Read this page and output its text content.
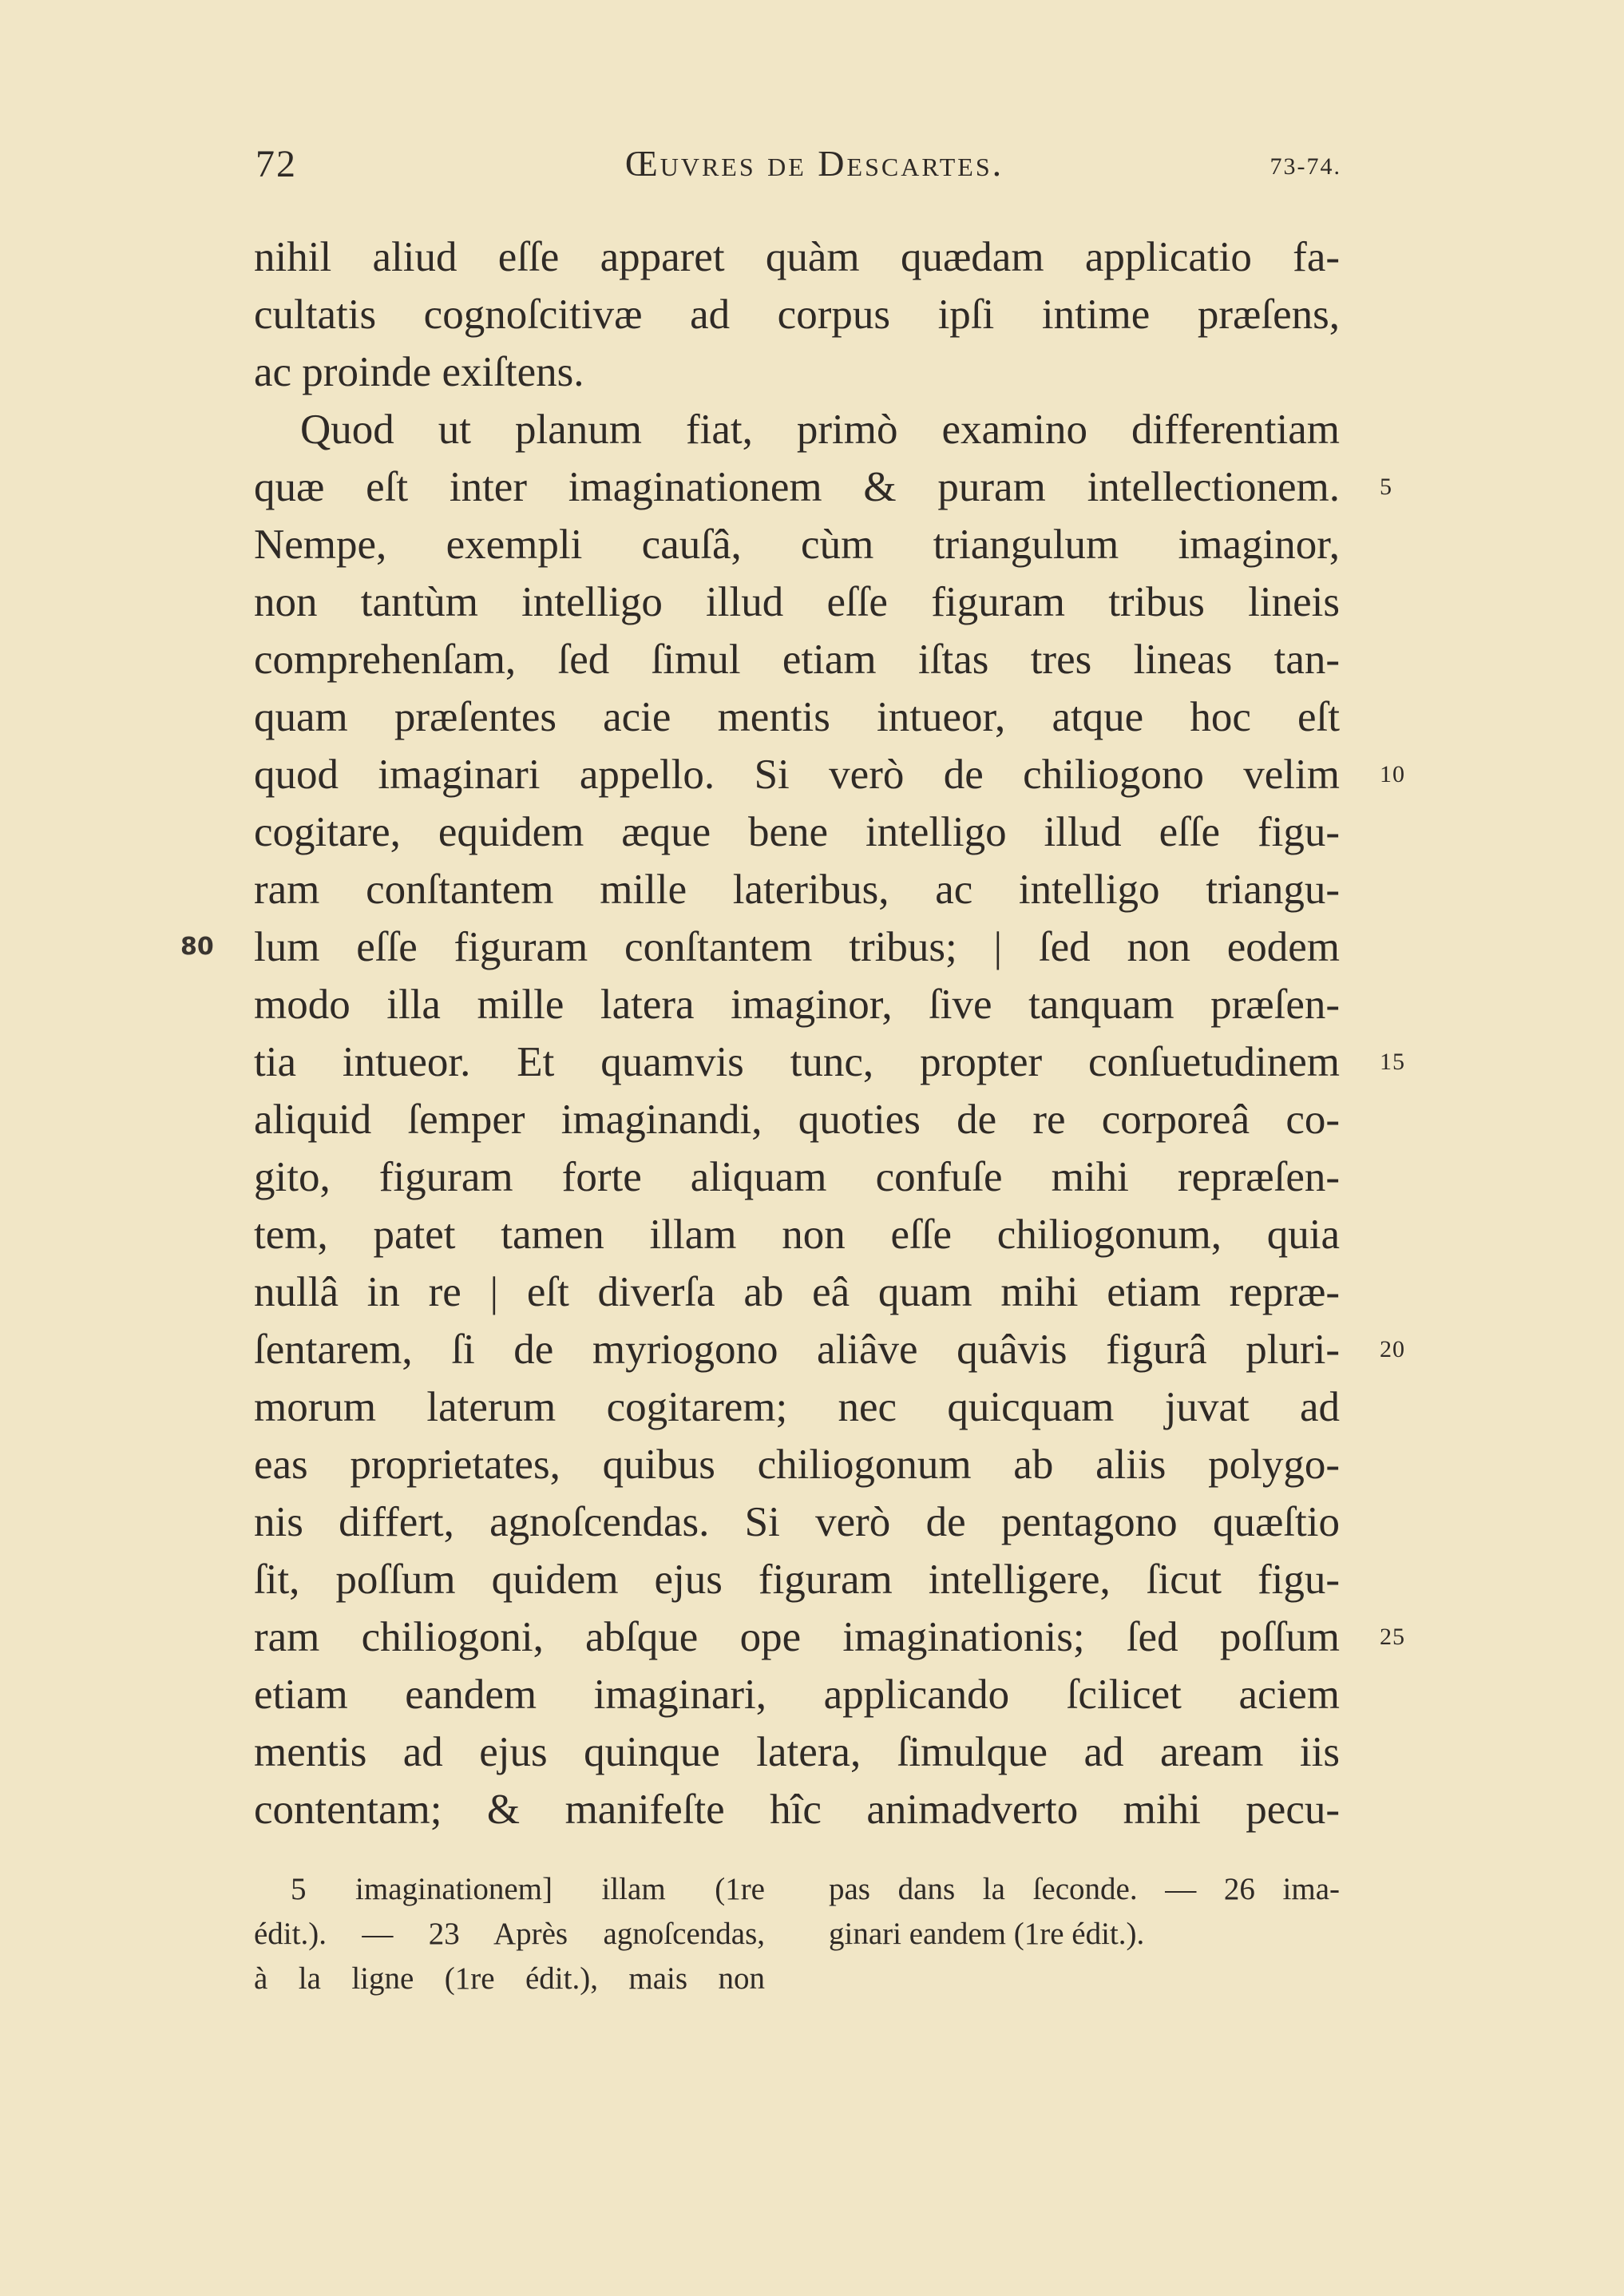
72	Œuvres de Descartes.	73-74.
nihil aliud eſſe apparet quàm quædam applicatio fa-
cultatis cognoſcitivæ ad corpus ipſi intime præſens,
ac proinde exiſtens.
Quod ut planum fiat, primò examino differentiam
quæ eſt inter imaginationem & puram intellectionem. 5
Nempe, exempli cauſâ, cùm triangulum imaginor,
non tantùm intelligo illud eſſe figuram tribus lineis
comprehenſam, ſed ſimul etiam iſtas tres lineas tan-
quam præſentes acie mentis intueor, atque hoc eſt
quod imaginari appello. Si verò de chiliogono velim 10
cogitare, equidem æque bene intelligo illud eſſe figu-
ram conſtantem mille lateribus, ac intelligo triangu-
80 lum eſſe figuram conſtantem tribus; | ſed non eodem
modo illa mille latera imaginor, ſive tanquam præſen-
tia intueor. Et quamvis tunc, propter conſuetudinem 15
aliquid ſemper imaginandi, quoties de re corporeâ co-
gito, figuram forte aliquam confuſe mihi repræſen-
tem, patet tamen illam non eſſe chiliogonum, quia
nullâ in re | eſt diverſa ab eâ quam mihi etiam repræ-
ſentarem, ſi de myriogono aliâve quâvis figurâ pluri- 20
morum laterum cogitarem; nec quicquam juvat ad
eas proprietates, quibus chiliogonum ab aliis polygo-
nis differt, agnoſcendas. Si verò de pentagono quæſtio
ſit, poſſum quidem ejus figuram intelligere, ſicut figu-
ram chiliogoni, abſque ope imaginationis; ſed poſſum 25
etiam eandem imaginari, applicando ſcilicet aciem
mentis ad ejus quinque latera, ſimulque ad aream iis
contentam; & manifeſte hîc animadverto mihi pecu-
5 imaginationem] illam (1re
édit.). — 23 Après agnoſcendas,
à la ligne (1re édit.), mais non
pas dans la ſeconde. — 26 ima-
ginari eandem (1re édit.).
